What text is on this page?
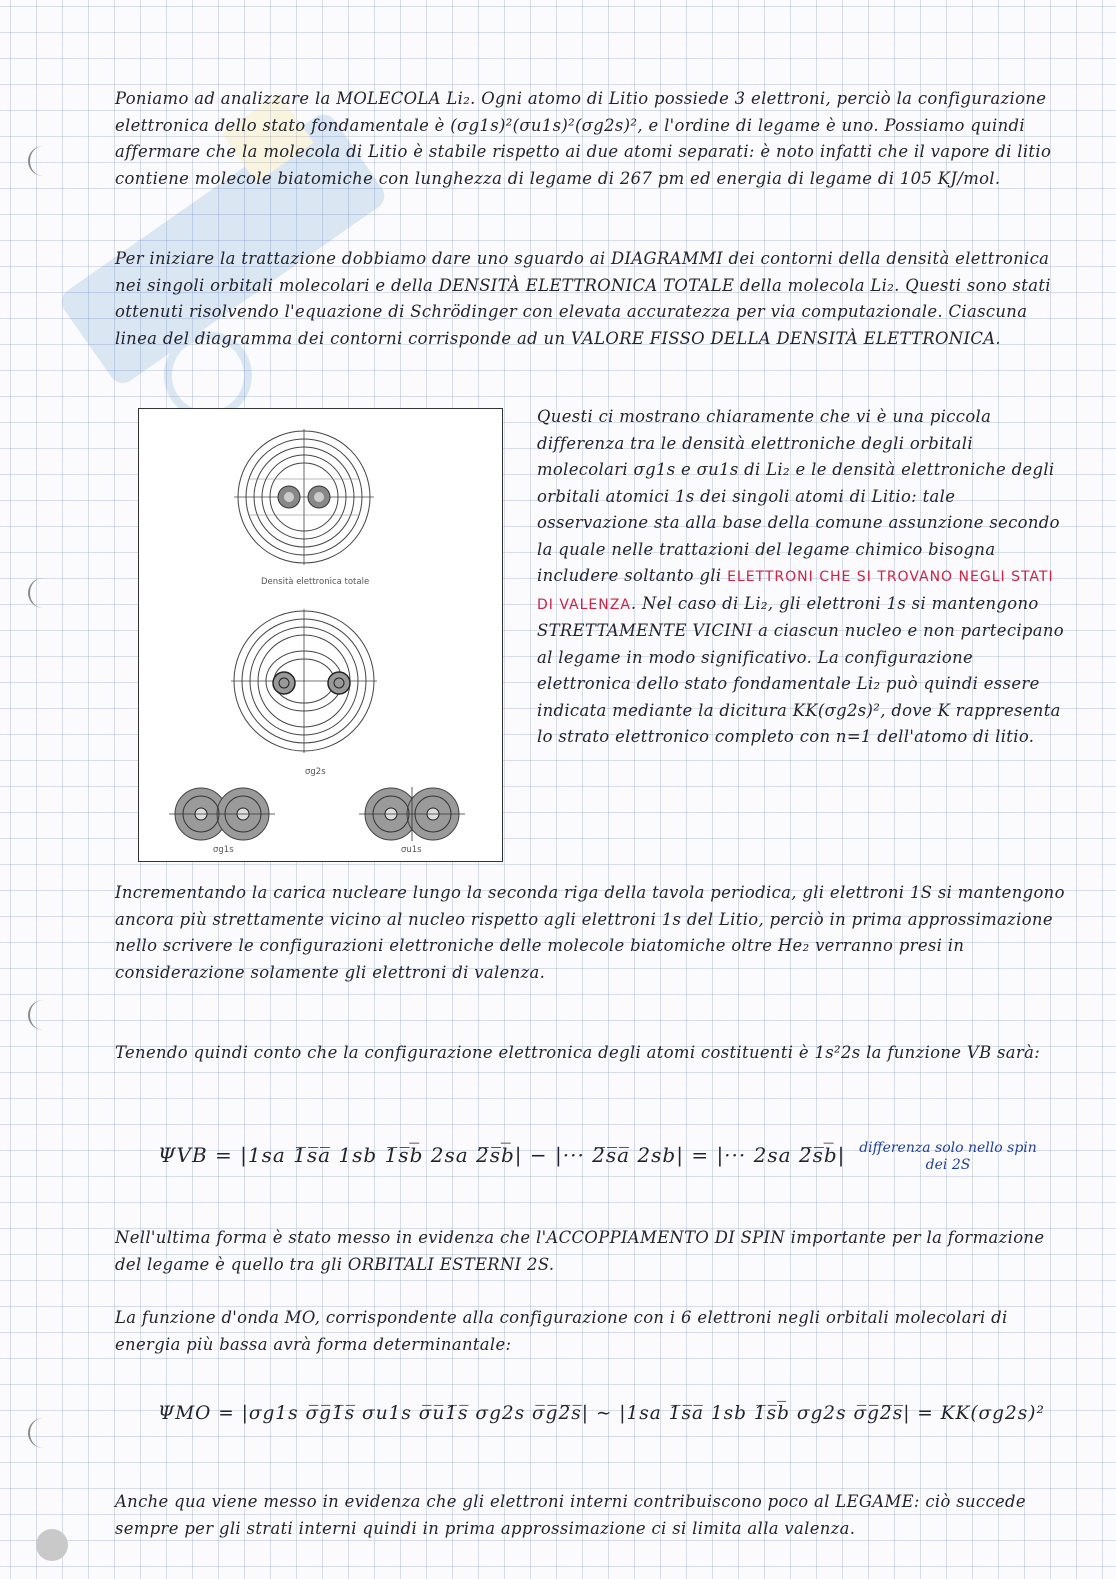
Poniamo ad analizzare la MOLECOLA Li₂. Ogni atomo di Litio possiede 3 elettroni, perciò la configurazione elettronica dello stato fondamentale è (σg1s)²(σu1s)²(σg2s)², e l'ordine di legame è uno. Possiamo quindi affermare che la molecola di Litio è stabile rispetto ai due atomi separati: è noto infatti che il vapore di litio contiene molecole biatomiche con lunghezza di legame di 267 pm ed energia di legame di 105 KJ/mol.

Per iniziare la trattazione dobbiamo dare uno sguardo ai DIAGRAMMI dei contorni della densità elettronica nei singoli orbitali molecolari e della DENSITÀ ELETTRONICA TOTALE della molecola Li₂. Questi sono stati ottenuti risolvendo l'equazione di Schrödinger con elevata accuratezza per via computazionale. Ciascuna linea del diagramma dei contorni corrisponde ad un VALORE FISSO DELLA DENSITÀ ELETTRONICA.

Densità elettronica totale
σg2s
σg1s	σu1s

Questi ci mostrano chiaramente che vi è una piccola differenza tra le densità elettroniche degli orbitali molecolari σg1s e σu1s di Li₂ e le densità elettroniche degli orbitali atomici 1s dei singoli atomi di Litio: tale osservazione sta alla base della comune assunzione secondo la quale nelle trattazioni del legame chimico bisogna includere soltanto gli ELETTRONI CHE SI TROVANO NEGLI STATI DI VALENZA. Nel caso di Li₂, gli elettroni 1s si mantengono STRETTAMENTE VICINI a ciascun nucleo e non partecipano al legame in modo significativo. La configurazione elettronica dello stato fondamentale Li₂ può quindi essere indicata mediante la dicitura KK(σg2s)², dove K rappresenta lo strato elettronico completo con n=1 dell'atomo di litio.

Incrementando la carica nucleare lungo la seconda riga della tavola periodica, gli elettroni 1S si mantengono ancora più strettamente vicino al nucleo rispetto agli elettroni 1s del Litio, perciò in prima approssimazione nello scrivere le configurazioni elettroniche delle molecole biatomiche oltre He₂ verranno presi in considerazione solamente gli elettroni di valenza.

Tenendo quindi conto che la configurazione elettronica degli atomi costituenti è 1s²2s la funzione VB sarà:

ΨVB = |1sa 1̅s̅a̅ 1sb 1̅s̅b̅ 2sa 2̅s̅b̅| − |··· 2̅s̅a̅ 2sb| = |··· 2sa 2̅s̅b̅| differenza solo nello spin dei 2S

Nell'ultima forma è stato messo in evidenza che l'ACCOPPIAMENTO DI SPIN importante per la formazione del legame è quello tra gli ORBITALI ESTERNI 2S.

La funzione d'onda MO, corrispondente alla configurazione con i 6 elettroni negli orbitali molecolari di energia più bassa avrà forma determinantale:

ΨMO = |σg1s σ̅g̅1̅s̅ σu1s σ̅u̅1̅s̅ σg2s σ̅g̅2̅s̅| ∼ |1sa 1̅s̅a̅ 1sb 1̅s̅b̅ σg2s σ̅g̅2̅s̅| = KK(σg2s)²

Anche qua viene messo in evidenza che gli elettroni interni contribuiscono poco al LEGAME: ciò succede sempre per gli strati interni quindi in prima approssimazione ci si limita alla valenza.
